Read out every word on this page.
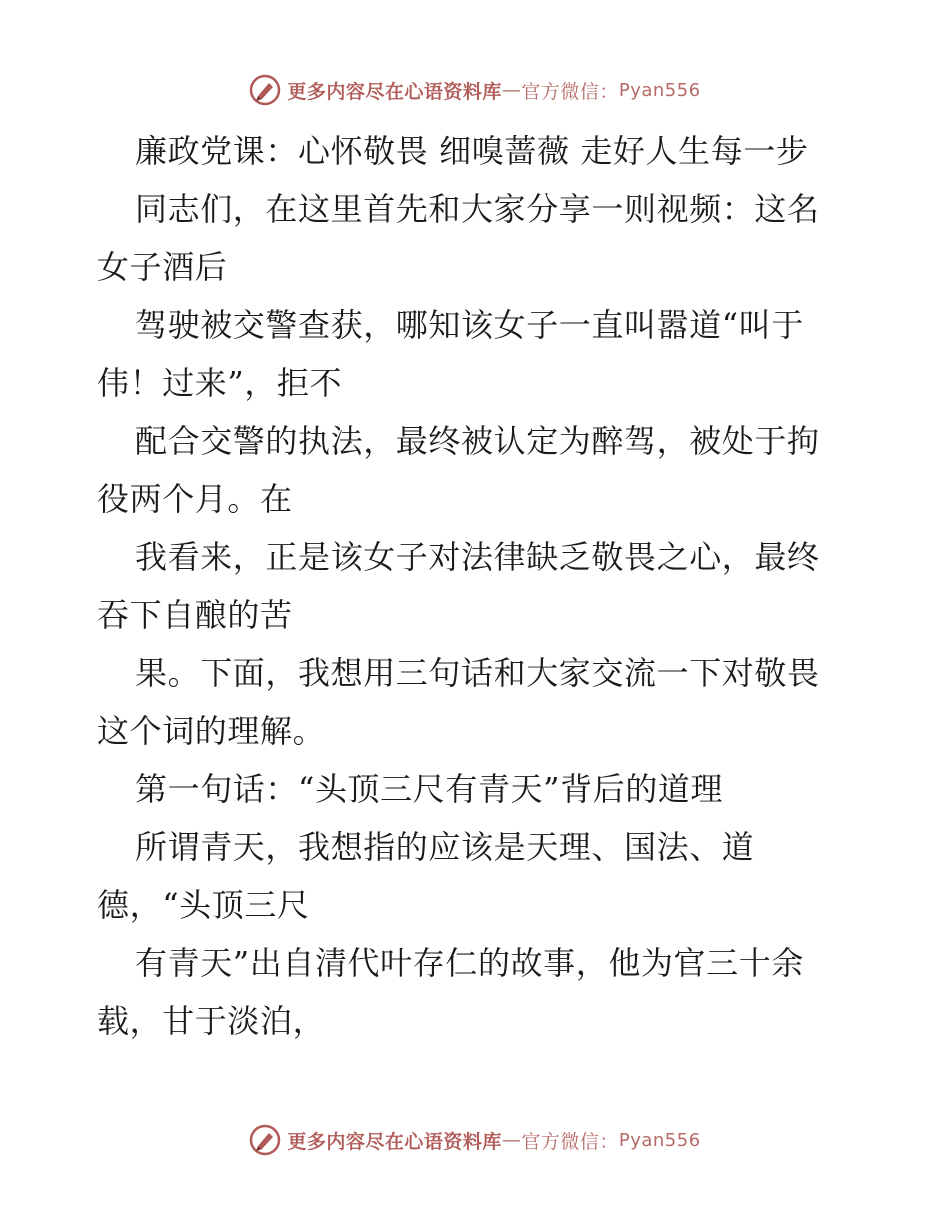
更多内容尽在心语资料库 — 官方微信： Pyan556
廉政党课：心怀敬畏 细嗅蔷薇 走好人生每一步
同志们，在这里首先和大家分享一则视频：这名
女子酒后
驾驶被交警查获，哪知该女子一直叫嚣道“叫于
伟！过来”，拒不
配合交警的执法，最终被认定为醉驾，被处于拘
役两个月。在
我看来，正是该女子对法律缺乏敬畏之心，最终
吞下自酿的苦
果。下面，我想用三句话和大家交流一下对敬畏
这个词的理解。
第一句话：“头顶三尺有青天”背后的道理
所谓青天，我想指的应该是天理、国法、道
德，“头顶三尺
有青天”出自清代叶存仁的故事，他为官三十余
载，甘于淡泊，
更多内容尽在心语资料库 — 官方微信： Pyan556
